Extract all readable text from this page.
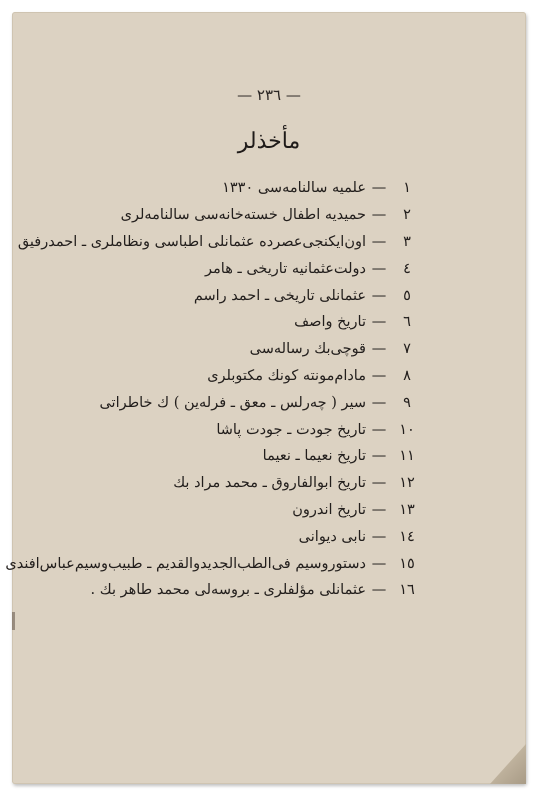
— ٢٣٦ —
مأخذلر
١
—
علميه سالنامه‌سی ١٣٣٠
٢
—
حميديه اطفال خسته‌خانه‌سی سالنامه‌لری
٣
—
اون‌ايكنجی‌عصرده عثمانلی اطباسی ونظاملری ـ احمدرفيق
٤
—
دولت‌عثمانيه تاريخی ـ هامر
٥
—
عثمانلی تاريخی ـ احمد راسم
٦
—
تاريخ واصف
٧
—
قوچی‌بك رساله‌سی
٨
—
مادام‌مونته كونك مكتوبلری
٩
—
سير ( چه‌رلس ـ معق ـ فرله‌ين ) ك خاطراتی
١٠
—
تاريخ جودت ـ جودت پاشا
١١
—
تاريخ نعيما ـ نعيما
١٢
—
تاريخ ابوالفاروق ـ محمد مراد بك
١٣
—
تاريخ اندرون
١٤
—
نابی ديوانی
١٥
—
دستوروسيم فی‌الطب‌الجديدوالقديم ـ طبيب‌وسيم‌عباس‌افندی
١٦
—
عثمانلی مؤلفلری ـ بروسه‌لی محمد طاهر بك .
